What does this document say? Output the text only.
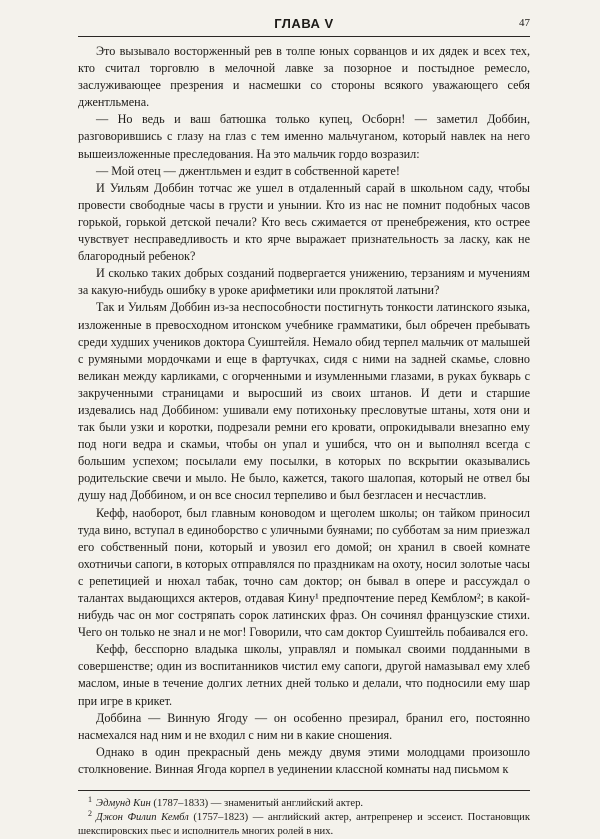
ГЛАВА V	47

Это вызывало восторженный рев в толпе юных сорванцов и их дядек и всех тех, кто считал торговлю в мелочной лавке за позорное и постыдное ремесло, заслуживающее презрения и насмешки со стороны всякого уважающего себя джентльмена.

— Но ведь и ваш батюшка только купец, Осборн! — заметил Доббин, разговорившись с глазу на глаз с тем именно мальчуганом, который навлек на него вышеизложенные преследования. На это мальчик гордо возразил:

— Мой отец — джентльмен и ездит в собственной карете!

И Уильям Доббин тотчас же ушел в отдаленный сарай в школьном саду, чтобы провести свободные часы в грусти и унынии. Кто из нас не помнит подобных часов горькой, горькой детской печали? Кто весь сжимается от пренебрежения, кто острее чувствует несправедливость и кто ярче выражает признательность за ласку, как не благородный ребенок?

И сколько таких добрых созданий подвергается унижению, терзаниям и мучениям за какую-нибудь ошибку в уроке арифметики или проклятой латыни?

Так и Уильям Доббин из-за неспособности постигнуть тонкости латинского языка, изложенные в превосходном итонском учебнике грамматики, был обречен пребывать среди худших учеников доктора Суиштейля. Немало обид терпел мальчик от малышей с румяными мордочками и еще в фартучках, сидя с ними на задней скамье, словно великан между карликами, с огорченными и изумленными глазами, в руках букварь с закрученными страницами и выросший из своих штанов. И дети и старшие издевались над Доббином: ушивали ему потихоньку пресловутые штаны, хотя они и так были узки и коротки, подрезали ремни его кровати, опрокидывали внезапно ему под ноги ведра и скамьи, чтобы он упал и ушибся, что он и выполнял всегда с большим успехом; посылали ему посылки, в которых по вскрытии оказывались родительские свечи и мыло. Не было, кажется, такого шалопая, который не отвел бы душу над Доббином, и он все сносил терпеливо и был безгласен и несчастлив.

Кефф, наоборот, был главным коноводом и щеголем школы; он тайком приносил туда вино, вступал в единоборство с уличными буянами; по субботам за ним приезжал его собственный пони, который и увозил его домой; он хранил в своей комнате охотничьи сапоги, в которых отправлялся по праздникам на охоту, носил золотые часы с репетицией и нюхал табак, точно сам доктор; он бывал в опере и рассуждал о талантах выдающихся актеров, отдавая Кину¹ предпочтение перед Кемблом²; в какой-нибудь час он мог состряпать сорок латинских фраз. Он сочинял французские стихи. Чего он только не знал и не мог! Говорили, что сам доктор Суиштейль побаивался его.

Кефф, бесспорно владыка школы, управлял и помыкал своими подданными в совершенстве; один из воспитанников чистил ему сапоги, другой намазывал ему хлеб маслом, иные в течение долгих летних дней только и делали, что подносили ему шар при игре в крикет.

Доббина — Винную Ягоду — он особенно презирал, бранил его, постоянно насмехался над ним и не входил с ним ни в какие сношения.

Однако в один прекрасный день между двумя этими молодцами произошло столкновение. Винная Ягода корпел в уединении классной комнаты над письмом к

$^1$ Эдмунд Кин (1787–1833) — знаменитый английский актер.

$^2$ Джон Филип Кембл (1757–1823) — английский актер, антрепренер и эссеист. Постановщик шекспировских пьес и исполнитель многих ролей в них.
